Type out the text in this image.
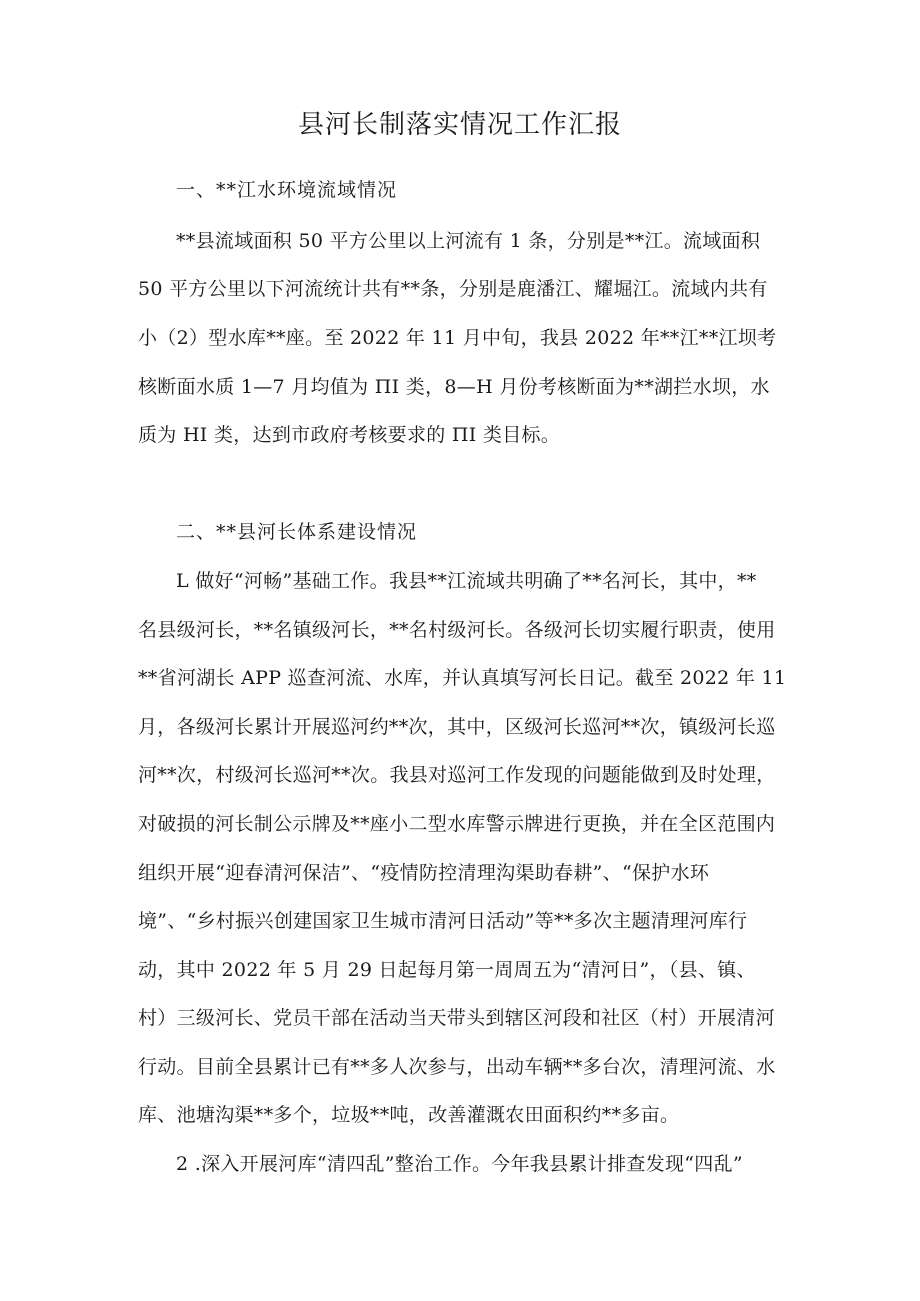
县河长制落实情况工作汇报
一、**江水环境流域情况
**县流域面积 50 平方公里以上河流有 1 条，分别是**江。流域面积
50 平方公里以下河流统计共有**条，分别是鹿潘江、耀堀江。流域内共有
小（2）型水库**座。至 2022 年 11 月中旬，我县 2022 年**江**江坝考
核断面水质 1—7 月均值为 ΠI 类，8—H 月份考核断面为**湖拦水坝，水
质为 HI 类，达到市政府考核要求的 ΠI 类目标。
二、**县河长体系建设情况
L 做好“河畅”基础工作。我县**江流域共明确了**名河长，其中，**
名县级河长，**名镇级河长，**名村级河长。各级河长切实履行职责，使用
**省河湖长 APP 巡查河流、水库，并认真填写河长日记。截至 2022 年 11
月，各级河长累计开展巡河约**次，其中，区级河长巡河**次，镇级河长巡
河**次，村级河长巡河**次。我县对巡河工作发现的问题能做到及时处理，
对破损的河长制公示牌及**座小二型水库警示牌进行更换，并在全区范围内
组织开展“迎春清河保洁”、“疫情防控清理沟渠助春耕”、“保护水环
境”、“乡村振兴创建国家卫生城市清河日活动”等**多次主题清理河库行
动，其中 2022 年 5 月 29 日起每月第一周周五为“清河日”，（县、镇、
村）三级河长、党员干部在活动当天带头到辖区河段和社区（村）开展清河
行动。目前全县累计已有**多人次参与，出动车辆**多台次，清理河流、水
库、池塘沟渠**多个，垃圾**吨，改善灌溉农田面积约**多亩。
2 .深入开展河库“清四乱”整治工作。今年我县累计排查发现“四乱”
